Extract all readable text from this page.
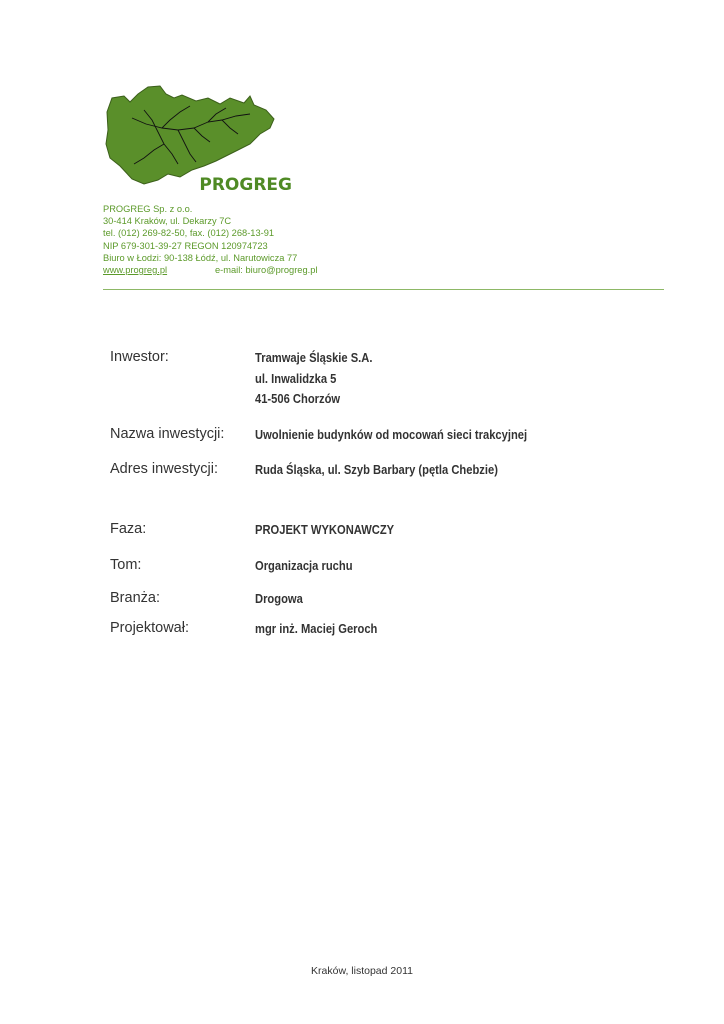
PROGREG
PROGREG Sp. z o.o.
30-414 Kraków, ul. Dekarzy 7C
tel. (012) 269-82-50, fax. (012) 268-13-91
NIP 679-301-39-27 REGON 120974723
Biuro w Łodzi: 90-138 Łódź, ul. Narutowicza 77
www.progreg.pl	e-mail: biuro@progreg.pl
Inwestor:	Tramwaje Śląskie S.A.
ul. Inwalidzka 5
41-506 Chorzów
Nazwa inwestycji: Uwolnienie budynków od mocowań sieci trakcyjnej
Adres inwestycji:	Ruda Śląska, ul. Szyb Barbary (pętla Chebzie)
Faza:	PROJEKT WYKONAWCZY
Tom:	Organizacja ruchu
Branża:	Drogowa
Projektował:	mgr inż. Maciej Geroch
Kraków, listopad 2011
